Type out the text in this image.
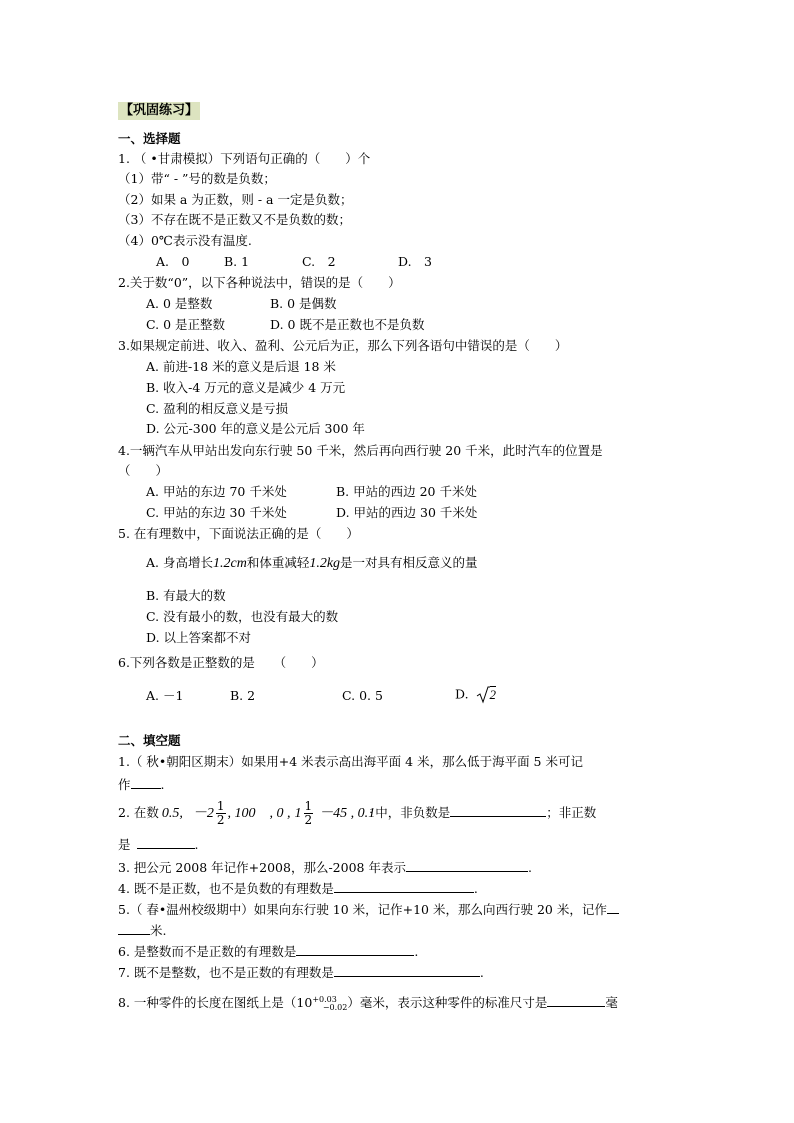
【巩固练习】
一、选择题
1. （ •甘肃模拟）下列语句正确的（　　）个
（1）带“ - ”号的数是负数；
（2）如果 a 为正数，则 - a 一定是负数；
（3）不存在既不是正数又不是负数的数；
（4）0℃表示没有温度.
A.　0	B. 1	C.　2	D.　3
2.关于数“0”，以下各种说法中，错误的是（　　）
A. 0 是整数	B. 0 是偶数
C. 0 是正整数	D. 0 既不是正数也不是负数
3.如果规定前进、收入、盈利、公元后为正，那么下列各语句中错误的是（　　）
A. 前进-18 米的意义是后退 18 米
B. 收入-4 万元的意义是减少 4 万元
C. 盈利的相反意义是亏损
D. 公元-300 年的意义是公元后 300 年
4.一辆汽车从甲站出发向东行驶 50 千米，然后再向西行驶 20 千米，此时汽车的位置是
（　　）
A. 甲站的东边 70 千米处	B. 甲站的西边 20 千米处
C. 甲站的东边 30 千米处	D. 甲站的西边 30 千米处
5. 在有理数中，下面说法正确的是（　　）
A. 身高增长1.2cm和体重减轻1.2kg是一对具有相反意义的量
B. 有最大的数
C. 没有最小的数，也没有最大的数
D. 以上答案都不对
6.下列各数是正整数的是　　（　　）
A. －1	B. 2	C. 0. 5	D. 2
二、填空题
1.（ 秋•朝阳区期末）如果用+4 米表示高出海平面 4 米，那么低于海平面 5 米可记
作 .
2. 在数 0.5, $-2 \frac{1}{2}$ , 100　, 0 , $1 \frac{1}{2} -45$ , 0.· 1中，非负数是	；非正数
是	.
3. 把公元 2008 年记作+2008，那么-2008 年表示	.
4. 既不是正数，也不是负数的有理数是	.
5.（ 春•温州校级期中）如果向东行驶 10 米，记作+10 米，那么向西行驶 20 米，记作
米.
6. 是整数而不是正数的有理数是	.
7. 既不是整数，也不是正数的有理数是	.
8. 一种零件的长度在图纸上是$(10^{+0.03}_{-0.02})$毫米，表示这种零件的标准尺寸是	毫
